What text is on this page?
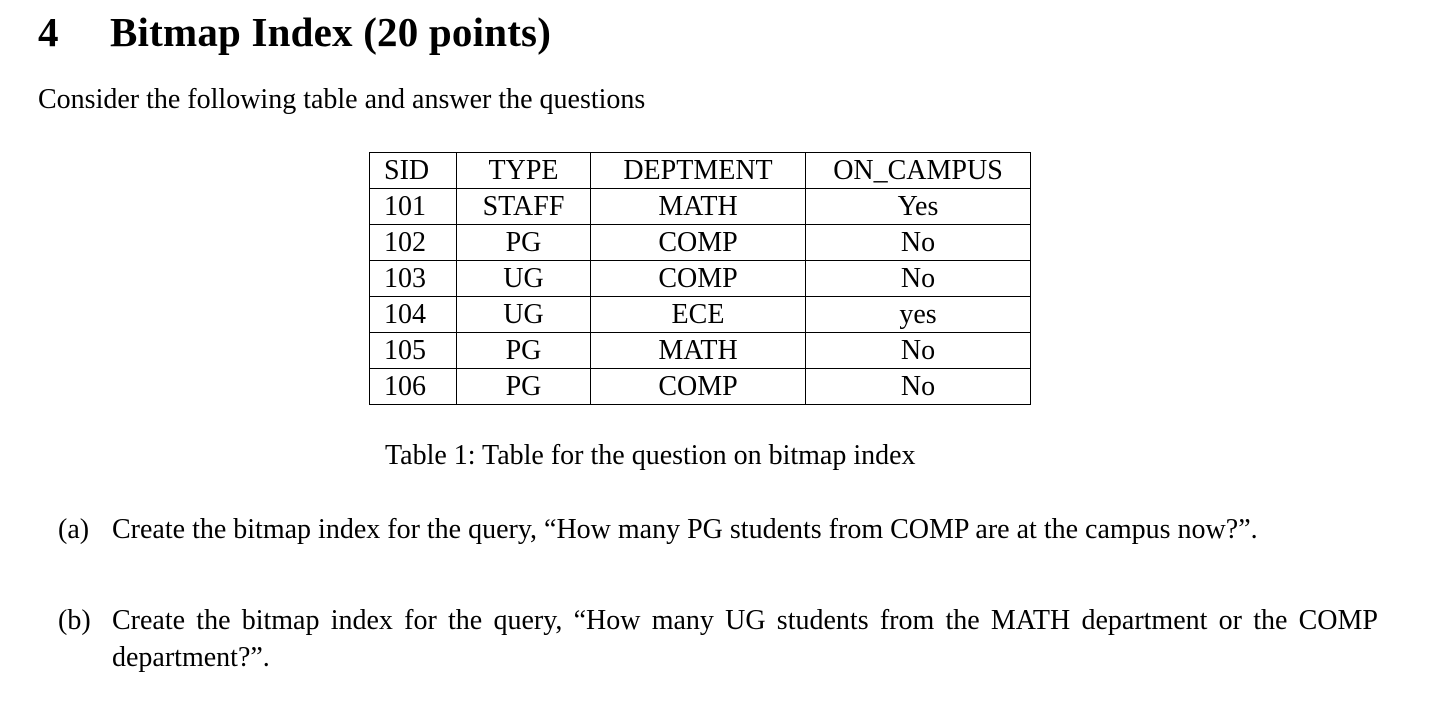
4 Bitmap Index (20 points)
Consider the following table and answer the questions
SID	TYPE	DEPTMENT	ON_CAMPUS
101	STAFF	MATH	Yes
102	PG	COMP	No
103	UG	COMP	No
104	UG	ECE	yes
105	PG	MATH	No
106	PG	COMP	No
Table 1: Table for the question on bitmap index
(a) Create the bitmap index for the query, “How many PG students from COMP are at the campus now?”.
(b) Create the bitmap index for the query, “How many UG students from the MATH department or the COMP department?”.
